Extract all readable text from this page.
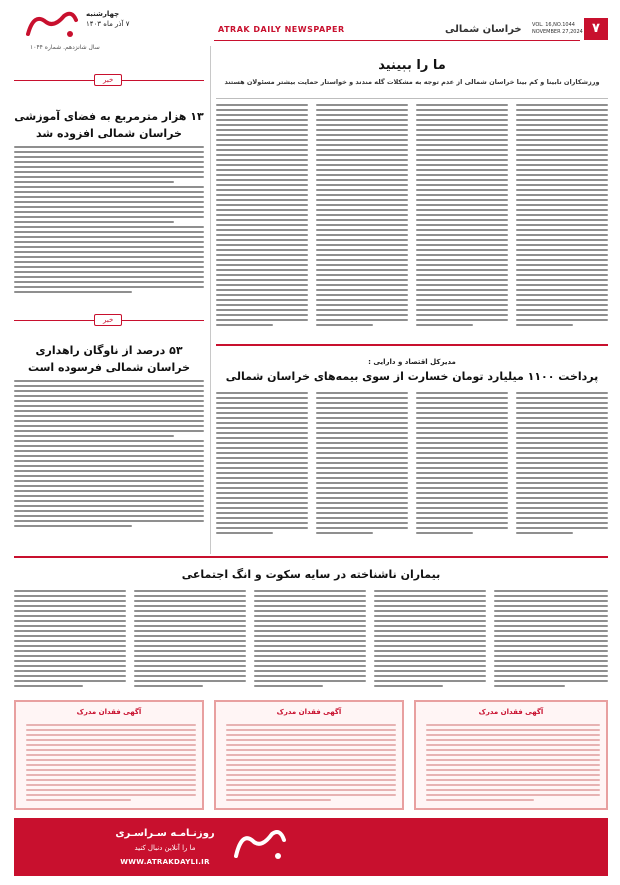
چهارشنبه
۷ آذر ماه ۱۴۰۳
سال شانزدهم. شماره ۱۰۴۴
ATRAK DAILY NEWSPAPER	خراسان شمالی VOL. 16,NO.1044
NOVEMBER 27,2024 ۷
خبر
۱۳ هزار مترمربع به فضای آموزشی خراسان شمالی افزوده شد
خبر
۵۳ درصد از ناوگان راهداری خراسان شمالی فرسوده است
ما را ببینید
ورزشکاران نابینا و کم بینا خراسان شمالی از عدم توجه به مشکلات گله مندند و خواستار حمایت بیشتر مسئولان هستند
مدیرکل اقتصاد و دارایی :
پرداخت ۱۱۰۰ میلیارد تومان خسارت از سوی بیمه‌های خراسان شمالی
بیماران ناشناخته در سایه سکوت و انگ اجتماعی
آگهی فقدان مدرک	آگهی فقدان مدرک	آگهی فقدان مدرک
روزنـامـه سـراسـری
ما را آنلاین دنبال کنید
WWW.ATRAKDAYLI.IR
